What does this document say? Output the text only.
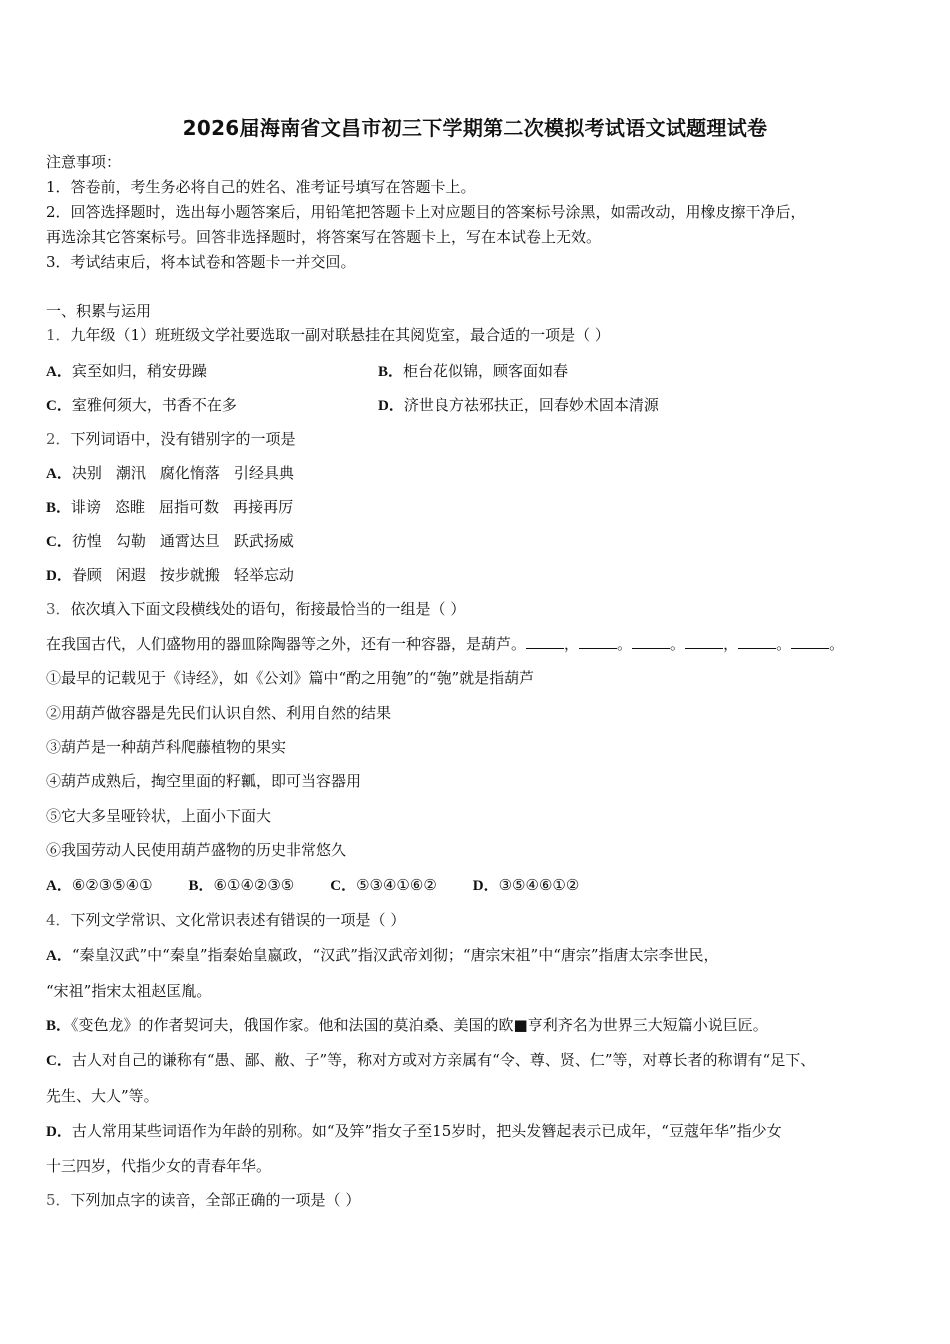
2026届海南省文昌市初三下学期第二次模拟考试语文试题理试卷
注意事项：
1．答卷前，考生务必将自己的姓名、准考证号填写在答题卡上。
2．回答选择题时，选出每小题答案后，用铅笔把答题卡上对应题目的答案标号涂黑，如需改动，用橡皮擦干净后，
再选涂其它答案标号。回答非选择题时，将答案写在答题卡上，写在本试卷上无效。
3．考试结束后，将本试卷和答题卡一并交回。
一、积累与运用
1．九年级（1）班班级文学社要选取一副对联悬挂在其阅览室，最合适的一项是（ ）
A．宾至如归，稍安毋躁	B．柜台花似锦，顾客面如春
C．室雅何须大，书香不在多	D．济世良方祛邪扶正，回春妙术固本清源
2．下列词语中，没有错别字的一项是
A．决别 潮汛 腐化惰落 引经具典
B．诽谤 恣睢 屈指可数 再接再厉
C．彷惶 勾勒 通霄达旦 跃武扬威
D．眷顾 闲遐 按步就搬 轻举忘动
3．依次填入下面文段横线处的语句，衔接最恰当的一组是（ ）
在我国古代，人们盛物用的器皿除陶器等之外，还有一种容器，是葫芦。	，	。	。	，	。	。
①最早的记载见于《诗经》，如《公刘》篇中“酌之用匏”的“匏”就是指葫芦
②用葫芦做容器是先民们认识自然、利用自然的结果
③葫芦是一种葫芦科爬藤植物的果实
④葫芦成熟后，掏空里面的籽瓤，即可当容器用
⑤它大多呈哑铃状，上面小下面大
⑥我国劳动人民使用葫芦盛物的历史非常悠久
A．⑥②③⑤④① B．⑥①④②③⑤ C．⑤③④①⑥② D．③⑤④⑥①②
4．下列文学常识、文化常识表述有错误的一项是（ ）
A．“秦皇汉武”中“秦皇”指秦始皇嬴政，“汉武”指汉武帝刘彻；“唐宗宋祖”中“唐宗”指唐太宗李世民，
“宋祖”指宋太祖赵匡胤。
B．《变色龙》的作者契诃夫，俄国作家。他和法国的莫泊桑、美国的欧■亨利齐名为世界三大短篇小说巨匠。
C．古人对自己的谦称有“愚、鄙、敝、子”等，称对方或对方亲属有“令、尊、贤、仁”等，对尊长者的称谓有“足下、
先生、大人”等。
D．古人常用某些词语作为年龄的别称。如“及笄”指女子至15岁时，把头发簪起表示已成年，“豆蔻年华”指少女
十三四岁，代指少女的青春年华。
5．下列加点字的读音，全部正确的一项是（ ）
